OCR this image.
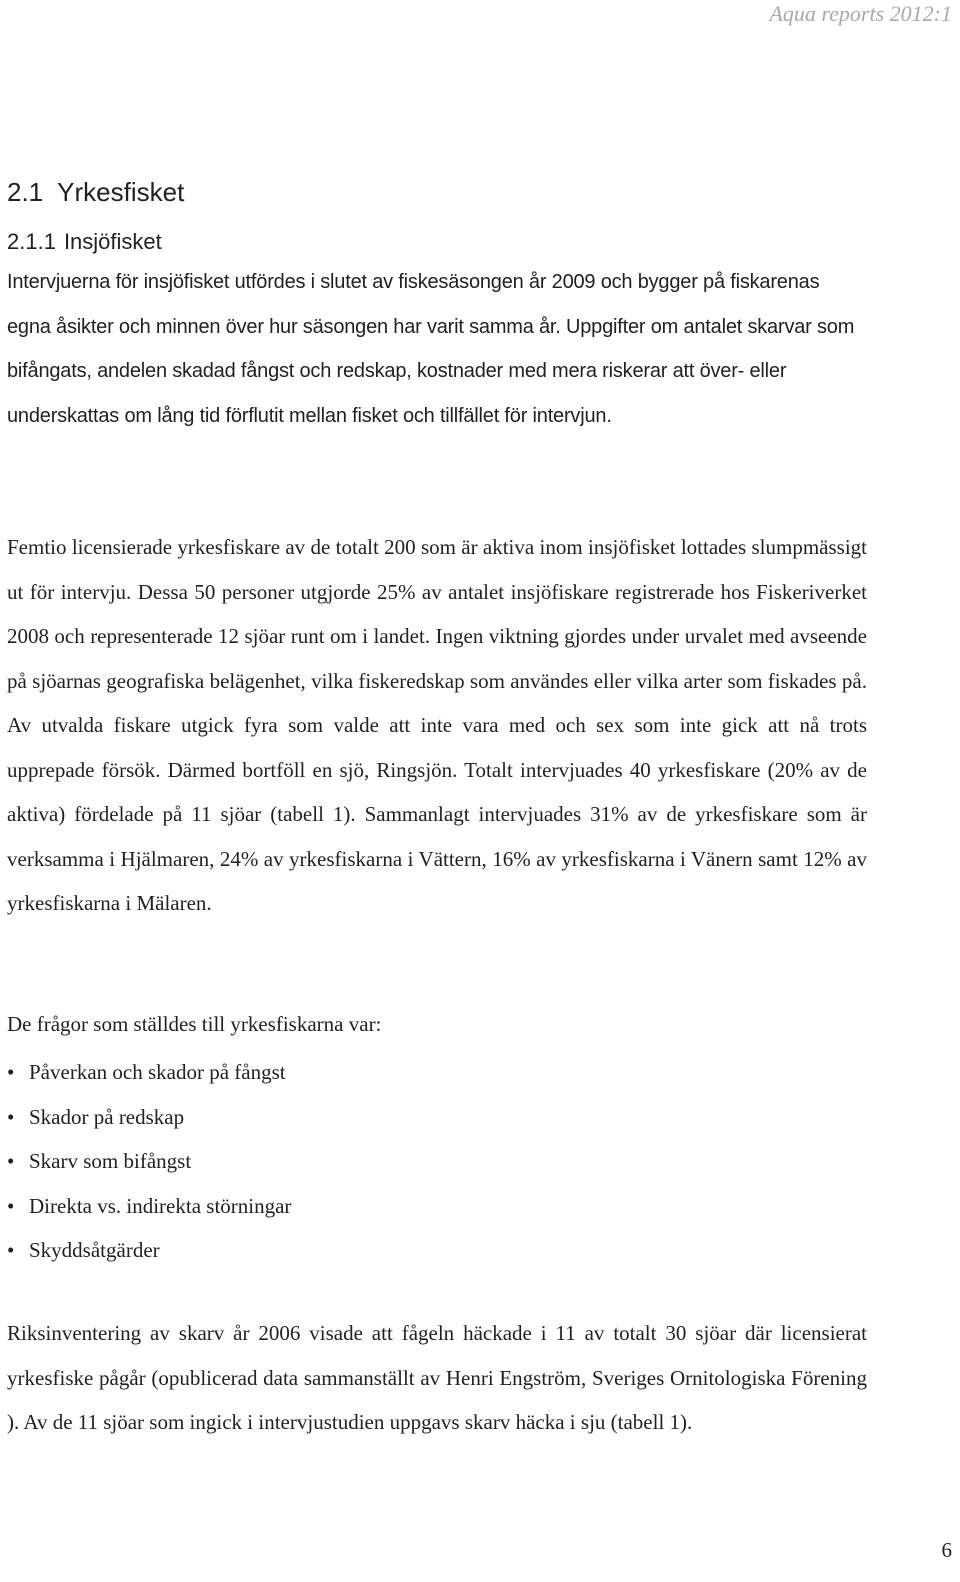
Aqua reports 2012:1
2.1 Yrkesfisket
2.1.1 Insjöfisket

Intervjuerna för insjöfisket utfördes i slutet av fiskesäsongen år 2009 och bygger på fiskarenas egna åsikter och minnen över hur säsongen har varit samma år. Uppgifter om antalet skarvar som bifångats, andelen skadad fångst och redskap, kostnader med mera riskerar att över- eller underskattas om lång tid förflutit mellan fisket och tillfället för intervjun.

Femtio licensierade yrkesfiskare av de totalt 200 som är aktiva inom insjöfisket lottades slumpmässigt ut för intervju. Dessa 50 personer utgjorde 25% av antalet insjöfiskare registrerade hos Fiskeriverket 2008 och representerade 12 sjöar runt om i landet. Ingen viktning gjordes under urvalet med avseende på sjöarnas geografiska belägenhet, vilka fiskeredskap som användes eller vilka arter som fiskades på. Av utvalda fiskare utgick fyra som valde att inte vara med och sex som inte gick att nå trots upprepade försök. Därmed bortföll en sjö, Ringsjön. Totalt intervjuades 40 yrkesfiskare (20% av de aktiva) fördelade på 11 sjöar (tabell 1). Sammanlagt intervjuades 31% av de yrkesfiskare som är verksamma i Hjälmaren, 24% av yrkesfiskarna i Vättern, 16% av yrkesfiskarna i Vänern samt 12% av yrkesfiskarna i Mälaren.

De frågor som ställdes till yrkesfiskarna var:

• Påverkan och skador på fångst
• Skador på redskap
• Skarv som bifångst
• Direkta vs. indirekta störningar
• Skyddsåtgärder

Riksinventering av skarv år 2006 visade att fågeln häckade i 11 av totalt 30 sjöar där licensierat yrkesfiske pågår (opublicerad data sammanställt av Henri Engström, Sveriges Ornitologiska Förening ). Av de 11 sjöar som ingick i intervjustudien uppgavs skarv häcka i sju (tabell 1).

6
